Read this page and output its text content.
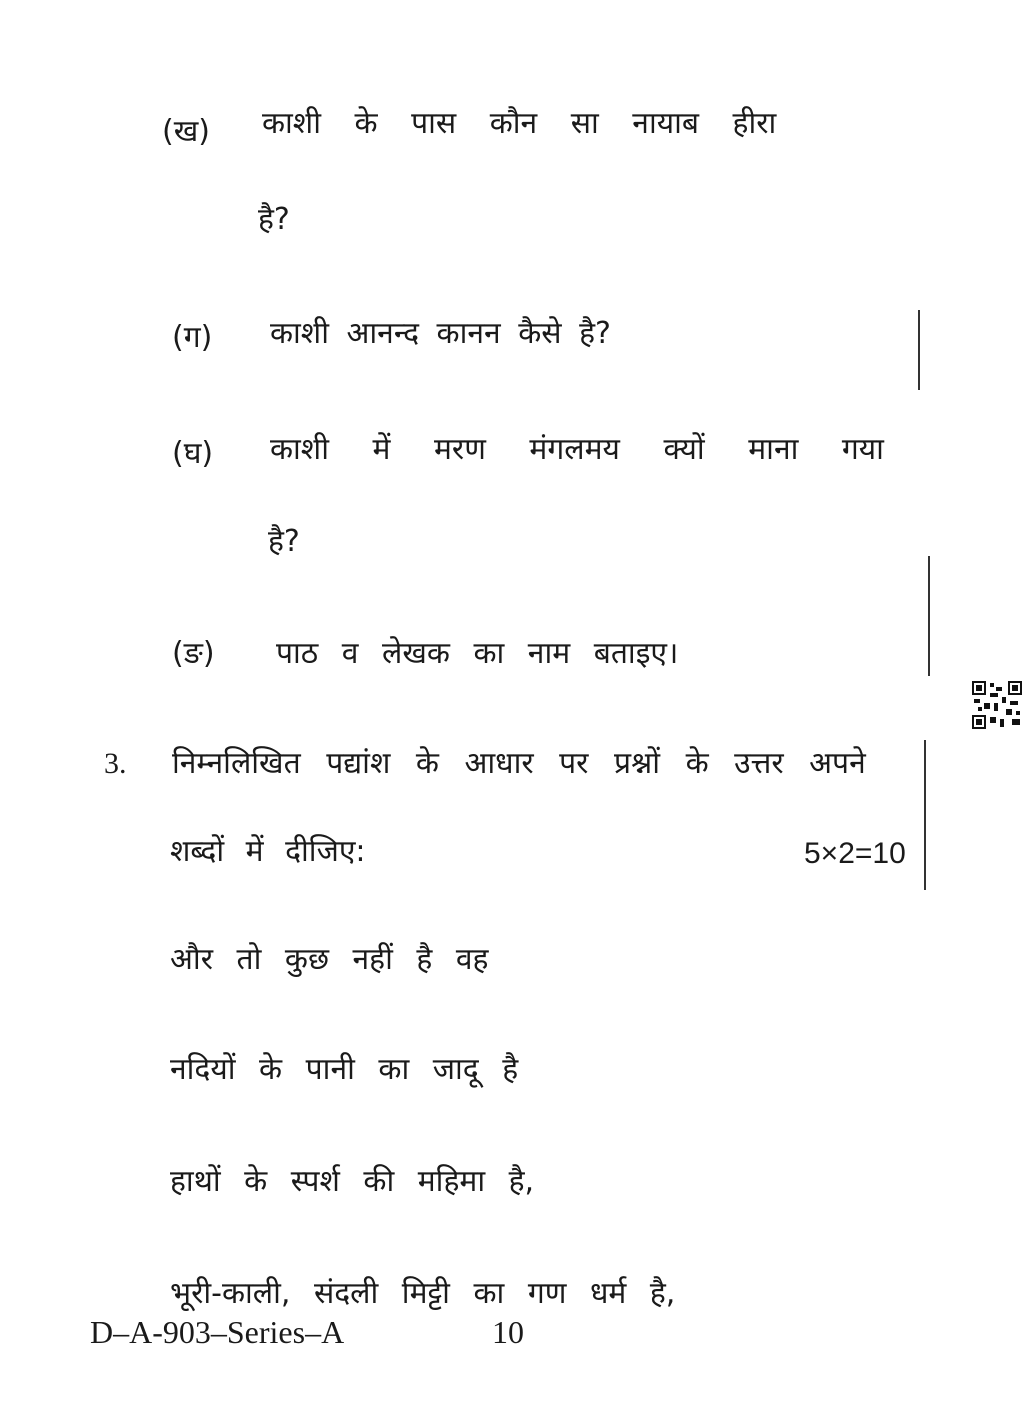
(ख) काशी के पास कौन सा नायाब हीरा
है?
(ग) काशी आनन्द कानन कैसे है?
(घ) काशी में मरण मंगलमय क्यों माना गया
है?
(ङ) पाठ व लेखक का नाम बताइए।
3. निम्नलिखित पद्यांश के आधार पर प्रश्नों के उत्तर अपने
शब्दों में दीजिए:	5×2=10
और तो कुछ नहीं है वह
नदियों के पानी का जादू है
हाथों के स्पर्श की महिमा है,
भूरी-काली, संदली मिट्टी का गण धर्म है,
D–A-903–Series–A	10
